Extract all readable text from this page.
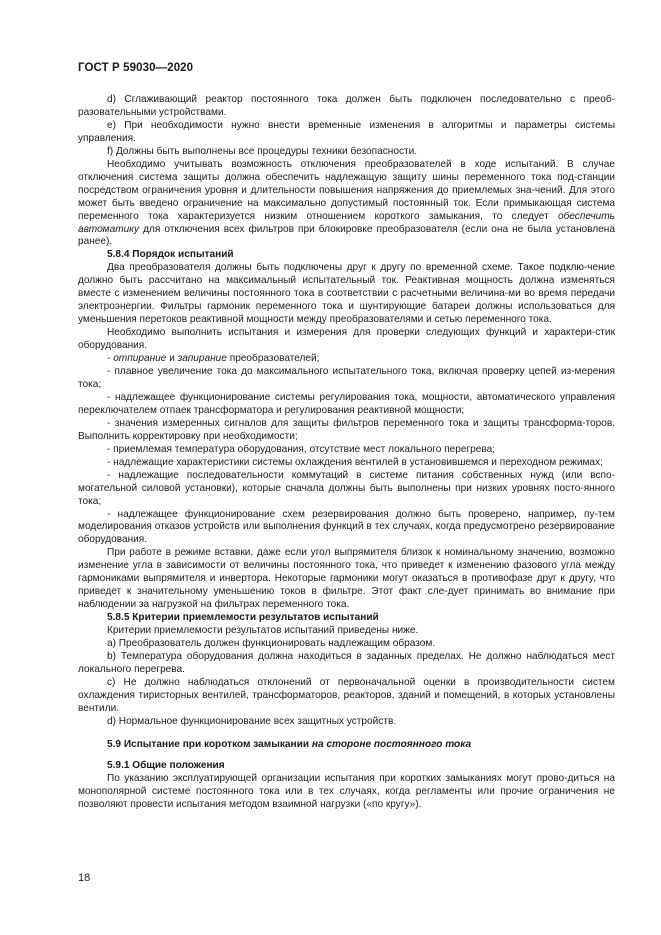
ГОСТ Р 59030—2020

d) Сглаживающий реактор постоянного тока должен быть подключен последовательно с преоб-разовательными устройствами.

e) При необходимости нужно внести временные изменения в алгоритмы и параметры системы управления.

f) Должны быть выполнены все процедуры техники безопасности.

Необходимо учитывать возможность отключения преобразователей в ходе испытаний. В случае отключения система защиты должна обеспечить надлежащую защиту шины переменного тока под-станции посредством ограничения уровня и длительности повышения напряжения до приемлемых зна-чений. Для этого может быть введено ограничение на максимально допустимый постоянный ток. Если примыкающая система переменного тока характеризуется низким отношением короткого замыкания, то следует обеспечить автоматику для отключения всех фильтров при блокировке преобразователя (если она не была установлена ранее).

5.8.4 Порядок испытаний

Два преобразователя должны быть подключены друг к другу по временной схеме. Такое подклю-чение должно быть рассчитано на максимальный испытательный ток. Реактивная мощность должна изменяться вместе с изменением величины постоянного тока в соответствии с расчетными величина-ми во время передачи электроэнергии. Фильтры гармоник переменного тока и шунтирующие батареи должны использоваться для уменьшения перетоков реактивной мощности между преобразователями и сетью переменного тока.

Необходимо выполнить испытания и измерения для проверки следующих функций и характери-стик оборудования.

- отпирание и запирание преобразователей;

- плавное увеличение тока до максимального испытательного тока, включая проверку цепей из-мерения тока;

- надлежащее функционирование системы регулирования тока, мощности, автоматического управления переключателем отпаек трансформатора и регулирования реактивной мощности;

- значения измеренных сигналов для защиты фильтров переменного тока и защиты трансформа-торов. Выполнить корректировку при необходимости;

- приемлемая температура оборудования, отсутствие мест локального перегрева;

- надлежащие характеристики системы охлаждения вентилей в установившемся и переходном режимах;

- надлежащие последовательности коммутаций в системе питания собственных нужд (или вспо-могательной силовой установки), которые сначала должны быть выполнены при низких уровнях посто-янного тока;

- надлежащее функционирование схем резервирования должно быть проверено, например, пу-тем моделирования отказов устройств или выполнения функций в тех случаях, когда предусмотрено резервирование оборудования.

При работе в режиме вставки, даже если угол выпрямителя близок к номинальному значению, возможно изменение угла в зависимости от величины постоянного тока, что приведет к изменению фазового угла между гармониками выпрямителя и инвертора. Некоторые гармоники могут оказаться в противофазе друг к другу, что приведет к значительному уменьшению токов в фильтре. Этот факт сле-дует принимать во внимание при наблюдении за нагрузкой на фильтрах переменного тока.

5.8.5 Критерии приемлемости результатов испытаний

Критерии приемлемости результатов испытаний приведены ниже.

a) Преобразователь должен функционировать надлежащим образом.

b) Температура оборудования должна находиться в заданных пределах. Не должно наблюдаться мест локального перегрева.

c) Не должно наблюдаться отклонений от первоначальной оценки в производительности систем охлаждения тиристорных вентилей, трансформаторов, реакторов, зданий и помещений, в которых установлены вентили.

d) Нормальное функционирование всех защитных устройств.

5.9 Испытание при коротком замыкании на стороне постоянного тока

5.9.1 Общие положения

По указанию эксплуатирующей организации испытания при коротких замыканиях могут прово-диться на монополярной системе постоянного тока или в тех случаях, когда регламенты или прочие ограничения не позволяют провести испытания методом взаимной нагрузки («по кругу»).

18
